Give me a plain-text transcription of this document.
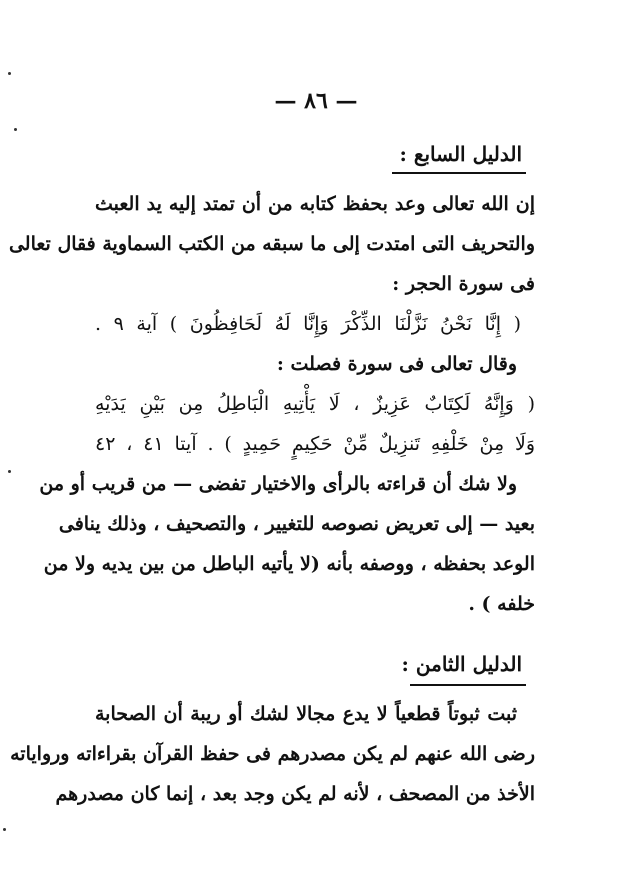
— ٨٦ —
الدليل السابع :
إن الله تعالى وعد بحفظ كتابه من أن تمتد إليه يد العبث
والتحريف التى امتدت إلى ما سبقه من الكتب السماوية فقال تعالى
فى سورة الحجر :
( إِنَّا نَحْنُ نَزَّلْنَا الذِّكْرَ وَإِنَّا لَهُ لَحَافِظُونَ ) آية ٩ .
وقال تعالى فى سورة فصلت :
( وَإِنَّهُ لَكِتَابٌ عَزِيزٌ ، لَا يَأْتِيهِ الْبَاطِلُ مِن بَيْنِ يَدَيْهِ
وَلَا مِنْ خَلْفِهِ تَنزِيلٌ مِّنْ حَكِيمٍ حَمِيدٍ ) . آيتا ٤١ ، ٤٢
ولا شك أن قراءته بالرأى والاختيار تفضى — من قريب أو من
بعيد — إلى تعريض نصوصه للتغيير ، والتصحيف ، وذلك ينافى
الوعد بحفظه ، ووصفه بأنه (لا يأتيه الباطل من بين يديه ولا من
خلفه ) .
الدليل الثامن :
ثبت ثبوتاً قطعياً لا يدع مجالا لشك أو ريبة أن الصحابة
رضى الله عنهم لم يكن مصدرهم فى حفظ القرآن بقراءاته ورواياته
الأخذ من المصحف ، لأنه لم يكن وجد بعد ، إنما كان مصدرهم
